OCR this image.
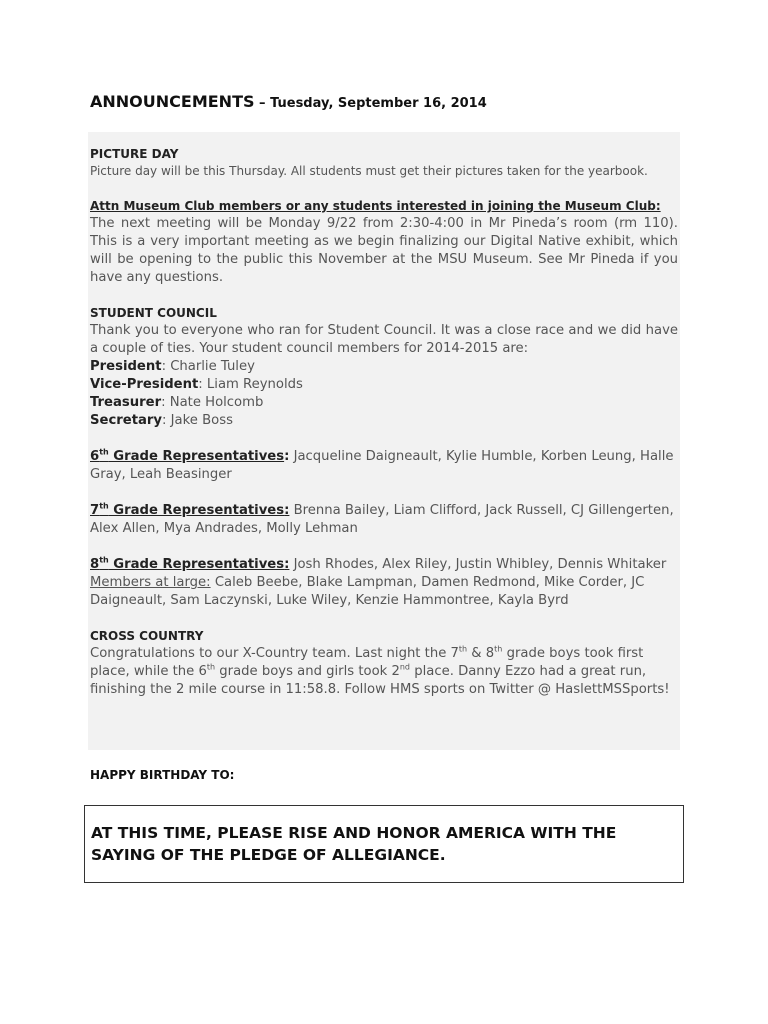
ANNOUNCEMENTS – Tuesday, September 16, 2014
PICTURE DAY
Picture day will be this Thursday. All students must get their pictures taken for the yearbook.
Attn Museum Club members or any students interested in joining the Museum Club:
The next meeting will be Monday 9/22 from 2:30-4:00 in Mr Pineda’s room (rm 110). This is a very important meeting as we begin finalizing our Digital Native exhibit, which will be opening to the public this November at the MSU Museum. See Mr Pineda if you have any questions.
STUDENT COUNCIL
Thank you to everyone who ran for Student Council. It was a close race and we did have a couple of ties. Your student council members for 2014-2015 are:
President: Charlie Tuley
Vice-President: Liam Reynolds
Treasurer: Nate Holcomb
Secretary: Jake Boss
6th Grade Representatives: Jacqueline Daigneault, Kylie Humble, Korben Leung, Halle Gray, Leah Beasinger
7th Grade Representatives: Brenna Bailey, Liam Clifford, Jack Russell, CJ Gillengerten, Alex Allen, Mya Andrades, Molly Lehman
8th Grade Representatives: Josh Rhodes, Alex Riley, Justin Whibley, Dennis Whitaker
Members at large: Caleb Beebe, Blake Lampman, Damen Redmond, Mike Corder, JC Daigneault, Sam Laczynski, Luke Wiley, Kenzie Hammontree, Kayla Byrd
CROSS COUNTRY
Congratulations to our X-Country team. Last night the 7th & 8th grade boys took first place, while the 6th grade boys and girls took 2nd place. Danny Ezzo had a great run, finishing the 2 mile course in 11:58.8. Follow HMS sports on Twitter @ HaslettMSSports!
HAPPY BIRTHDAY TO:
AT THIS TIME, PLEASE RISE AND HONOR AMERICA WITH THE SAYING OF THE PLEDGE OF ALLEGIANCE.
